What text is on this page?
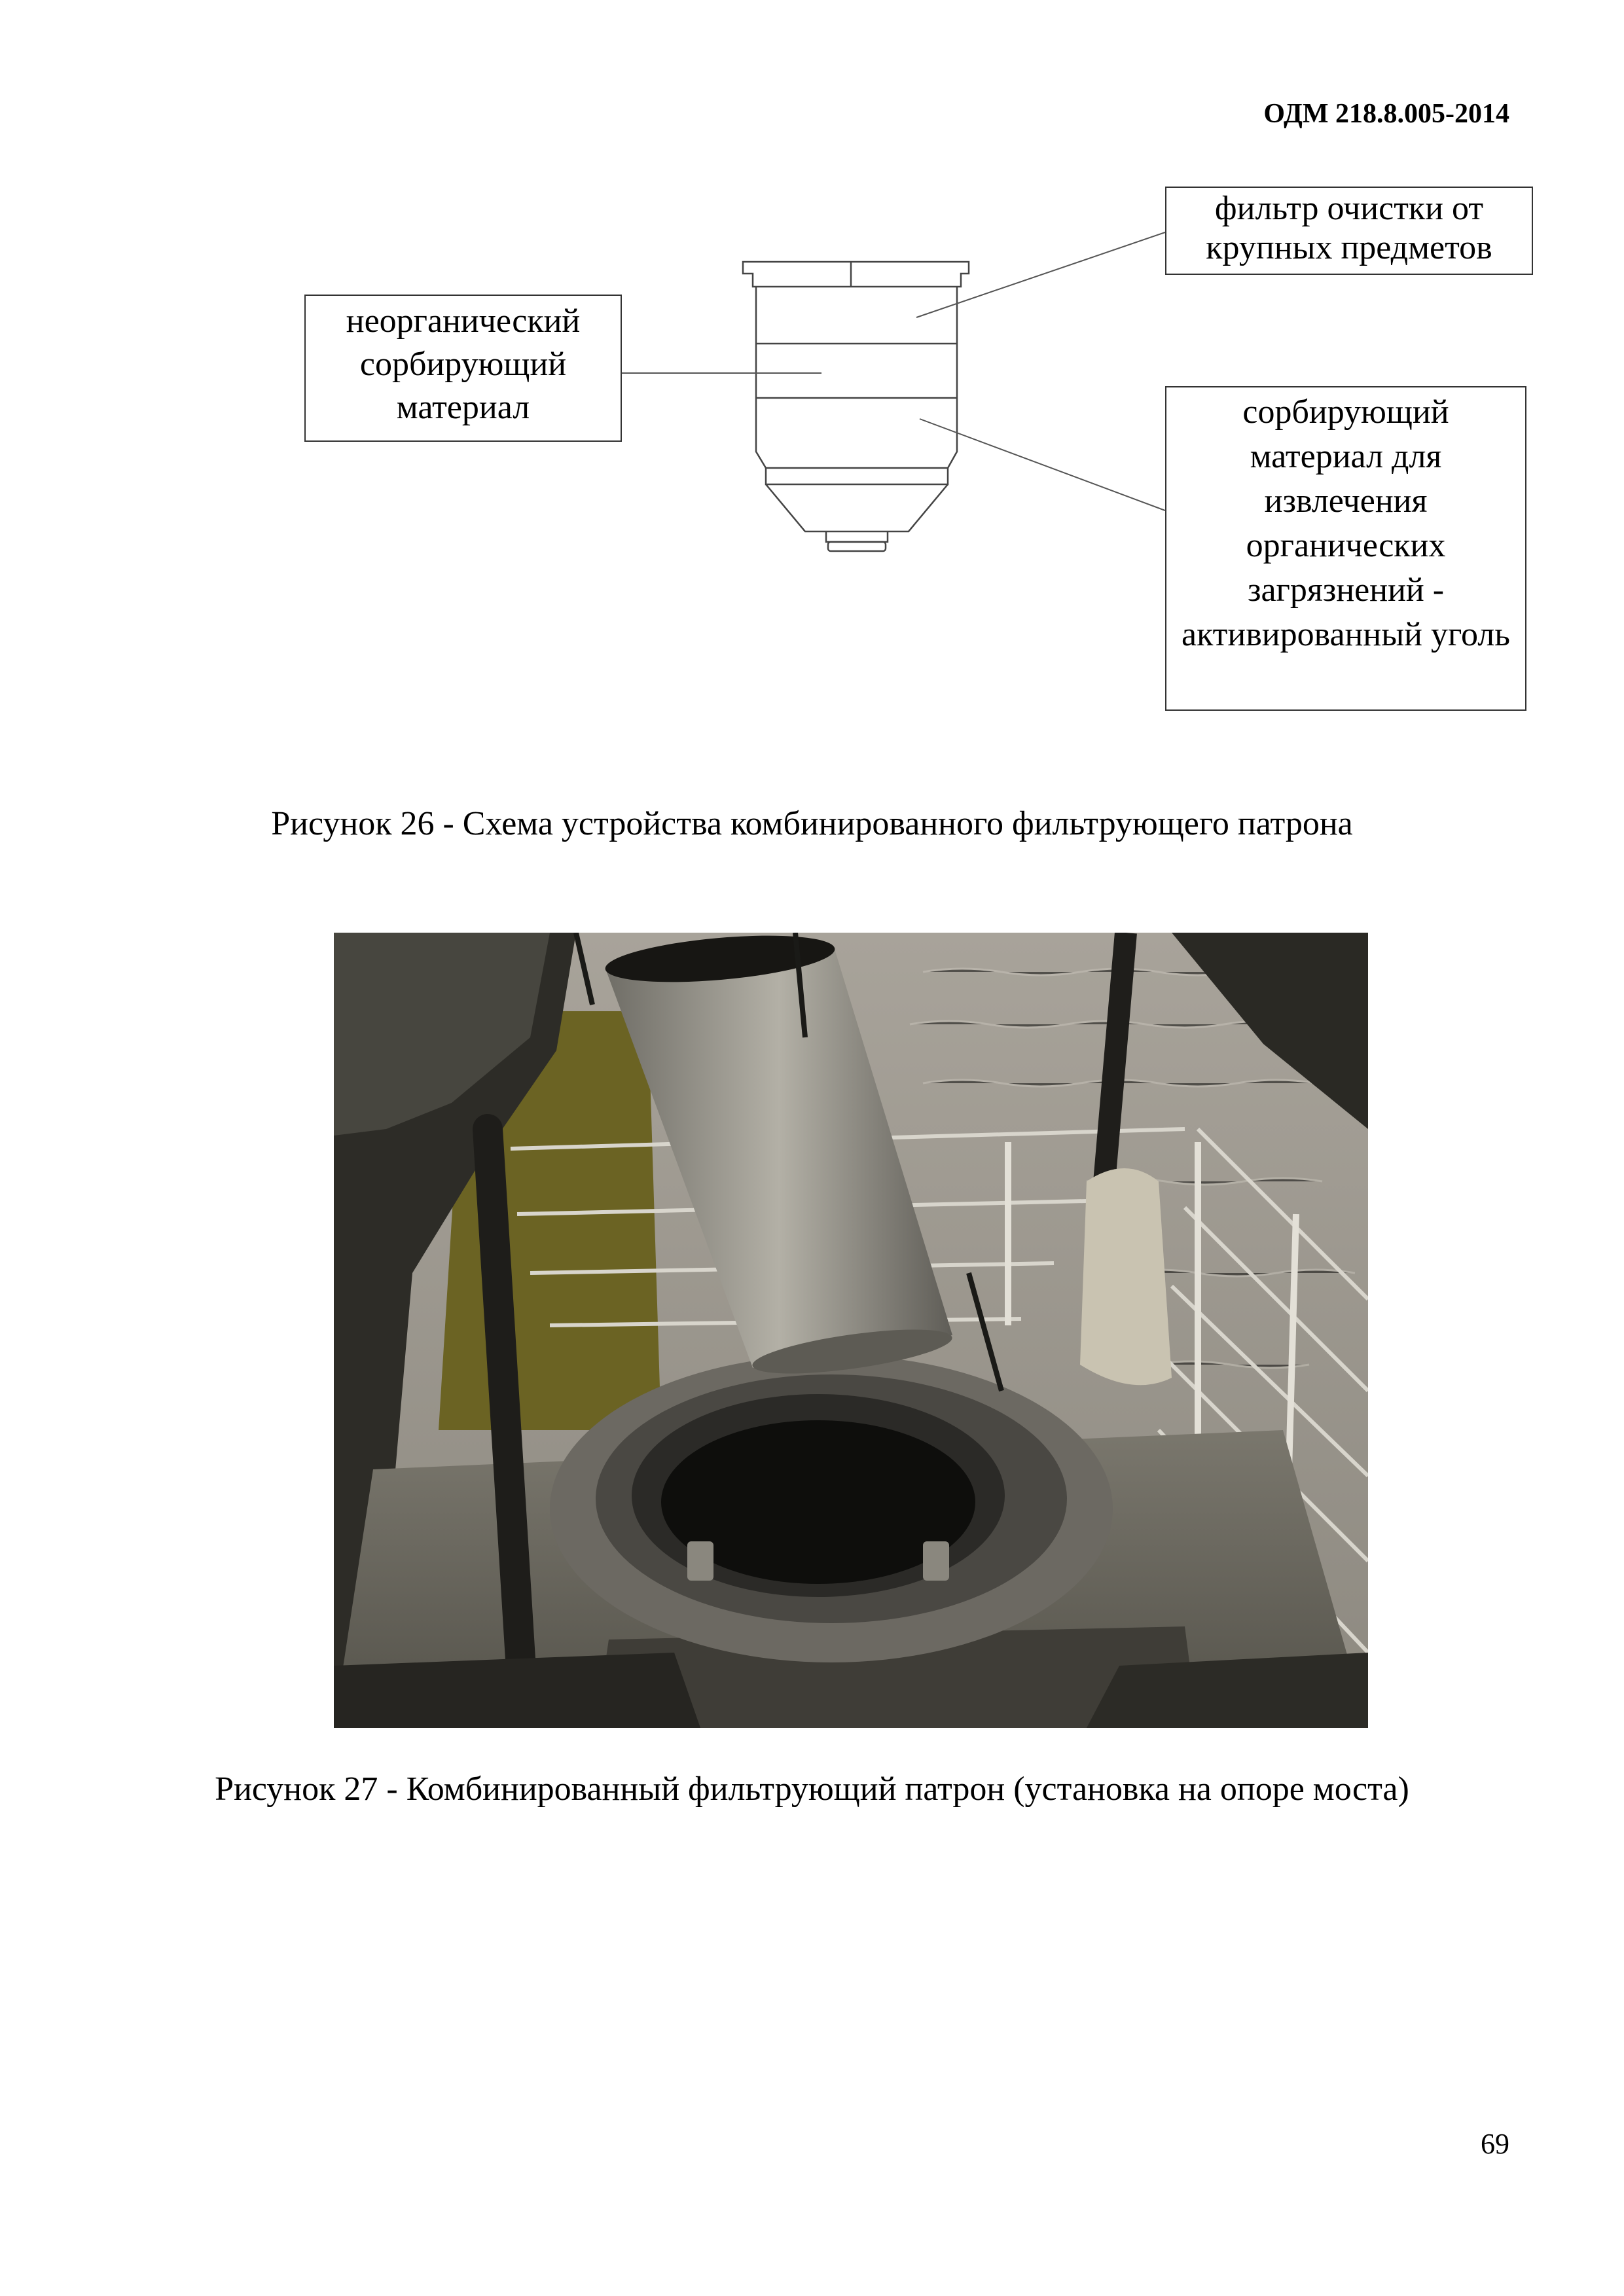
ОДМ 218.8.005-2014
неорганический сорбирующий материал
фильтр очистки от крупных предметов
сорбирующий материал для извлечения органических загрязнений - активированный уголь
Рисунок 26 - Схема устройства комбинированного фильтрующего патрона
Рисунок 27 - Комбинированный фильтрующий патрон (установка на опоре моста)
69
